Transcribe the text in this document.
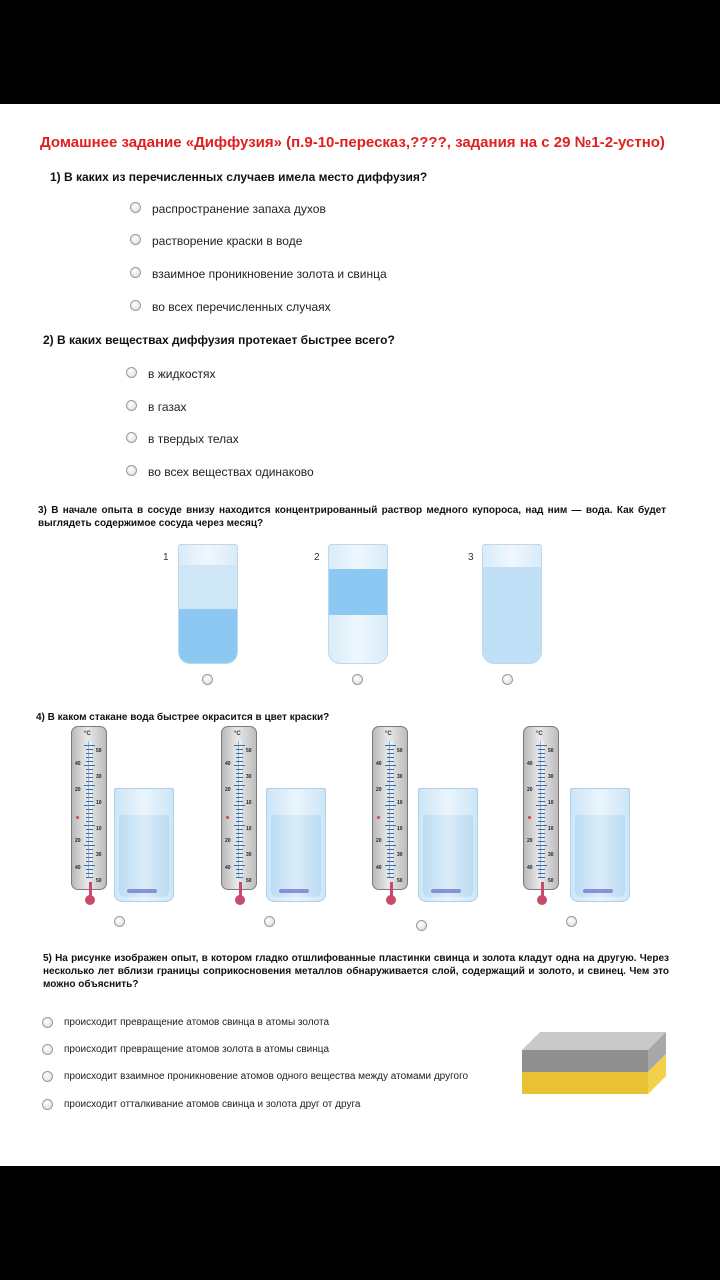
Домашнее задание «Диффузия» (п.9-10-пересказ,????, задания на с 29 №1-2-устно)
1) В каких из перечисленных случаев имела место диффузия?
распространение запаха духов
растворение краски в воде
взаимное проникновение золота и свинца
во всех перечисленных случаях
2) В каких веществах диффузия протекает быстрее всего?
в жидкостях
в газах
в твердых телах
во всех веществах одинаково
3) В начале опыта в сосуде внизу находится концентрированный раствор медного купороса, над ним — вода. Как будет выглядеть содержимое сосуда через месяц?
1	2	3
4) В каком стакане вода быстрее окрасится в цвет краски?
°C
40
20
20
40
50
30
10
10
30
50
°C
40
20
20
40
50
30
10
10
30
50
°C
40
20
20
40
50
30
10
10
30
50
°C
40
20
20
40
50
30
10
10
30
50
5) На рисунке изображен опыт, в котором гладко отшлифованные пластинки свинца и золота кладут одна на другую. Через несколько лет вблизи границы соприкосновения металлов обнаруживается слой, содержащий и золото, и свинец. Чем это можно объяснить?
происходит превращение атомов свинца в атомы золота
происходит превращение атомов золота в атомы свинца
происходит взаимное проникновение атомов одного вещества между атомами другого
происходит отталкивание атомов свинца и золота друг от друга
